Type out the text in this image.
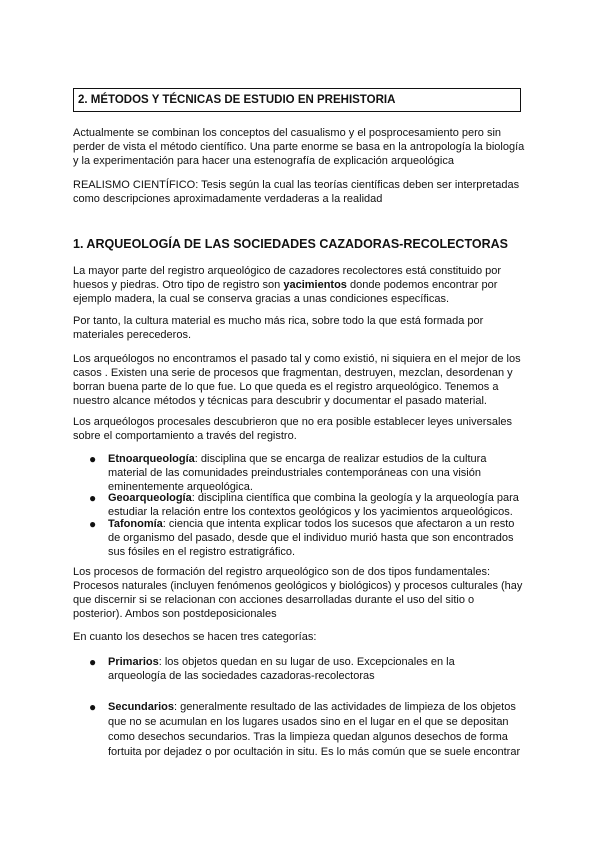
2. MÉTODOS Y TÉCNICAS DE ESTUDIO EN PREHISTORIA

Actualmente se combinan los conceptos del casualismo y el posprocesamiento pero sin
perder de vista el método científico. Una parte enorme se basa en la antropología la biología
y la experimentación para hacer una estenografía de explicación arqueológica

REALISMO CIENTÍFICO: Tesis según la cual las teorías científicas deben ser interpretadas
como descripciones aproximadamente verdaderas a la realidad

1. ARQUEOLOGÍA DE LAS SOCIEDADES CAZADORAS-RECOLECTORAS

La mayor parte del registro arqueológico de cazadores recolectores está constituido por
huesos y piedras. Otro tipo de registro son yacimientos donde podemos encontrar por
ejemplo madera, la cual se conserva gracias a unas condiciones específicas.

Por tanto, la cultura material es mucho más rica, sobre todo la que está formada por
materiales perecederos.

Los arqueólogos no encontramos el pasado tal y como existió, ni siquiera en el mejor de los
casos . Existen una serie de procesos que fragmentan, destruyen, mezclan, desordenan y
borran buena parte de lo que fue. Lo que queda es el registro arqueológico. Tenemos a
nuestro alcance métodos y técnicas para descubrir y documentar el pasado material.

Los arqueólogos procesales descubrieron que no era posible establecer leyes universales
sobre el comportamiento a través del registro.

● Etnoarqueología: disciplina que se encarga de realizar estudios de la cultura
material de las comunidades preindustriales contemporáneas con una visión
eminentemente arqueológica.
● Geoarqueología: disciplina científica que combina la geología y la arqueología para
estudiar la relación entre los contextos geológicos y los yacimientos arqueológicos.
● Tafonomía: ciencia que intenta explicar todos los sucesos que afectaron a un resto
de organismo del pasado, desde que el individuo murió hasta que son encontrados
sus fósiles en el registro estratigráfico.

Los procesos de formación del registro arqueológico son de dos tipos fundamentales:
Procesos naturales (incluyen fenómenos geológicos y biológicos) y procesos culturales (hay
que discernir si se relacionan con acciones desarrolladas durante el uso del sitio o
posterior). Ambos son postdeposicionales

En cuanto los desechos se hacen tres categorías:

● Primarios: los objetos quedan en su lugar de uso. Excepcionales en la
arqueología de las sociedades cazadoras-recolectoras
● Secundarios: generalmente resultado de las actividades de limpieza de los objetos
que no se acumulan en los lugares usados sino en el lugar en el que se depositan
como desechos secundarios. Tras la limpieza quedan algunos desechos de forma
fortuita por dejadez o por ocultación in situ. Es lo más común que se suele encontrar
